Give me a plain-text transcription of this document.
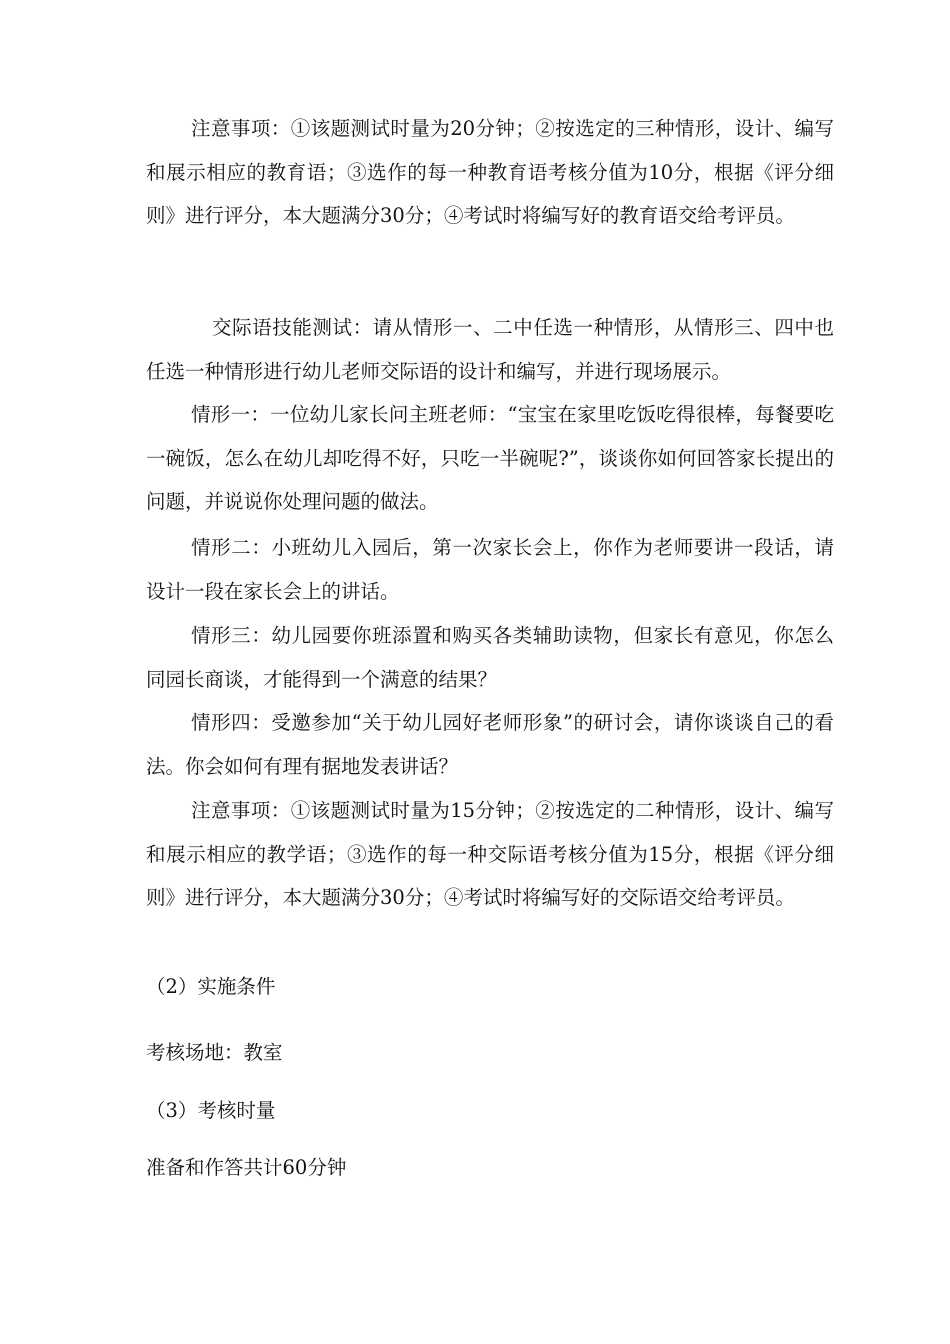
注意事项：①该题测试时量为20分钟；②按选定的三种情形，设计、编写和展示相应的教育语；③选作的每一种教育语考核分值为10分，根据《评分细则》进行评分，本大题满分30分；④考试时将编写好的教育语交给考评员。

交际语技能测试：请从情形一、二中任选一种情形，从情形三、四中也任选一种情形进行幼儿老师交际语的设计和编写，并进行现场展示。

情形一：一位幼儿家长问主班老师：“宝宝在家里吃饭吃得很棒，每餐要吃一碗饭，怎么在幼儿却吃得不好，只吃一半碗呢?”，谈谈你如何回答家长提出的问题，并说说你处理问题的做法。

情形二：小班幼儿入园后，第一次家长会上，你作为老师要讲一段话，请设计一段在家长会上的讲话。

情形三：幼儿园要你班添置和购买各类辅助读物，但家长有意见，你怎么同园长商谈，才能得到一个满意的结果？

情形四：受邀参加“关于幼儿园好老师形象”的研讨会，请你谈谈自己的看法。你会如何有理有据地发表讲话？

注意事项：①该题测试时量为15分钟；②按选定的二种情形，设计、编写和展示相应的教学语；③选作的每一种交际语考核分值为15分，根据《评分细则》进行评分，本大题满分30分；④考试时将编写好的交际语交给考评员。

（2）实施条件

考核场地：教室

（3）考核时量

准备和作答共计60分钟
